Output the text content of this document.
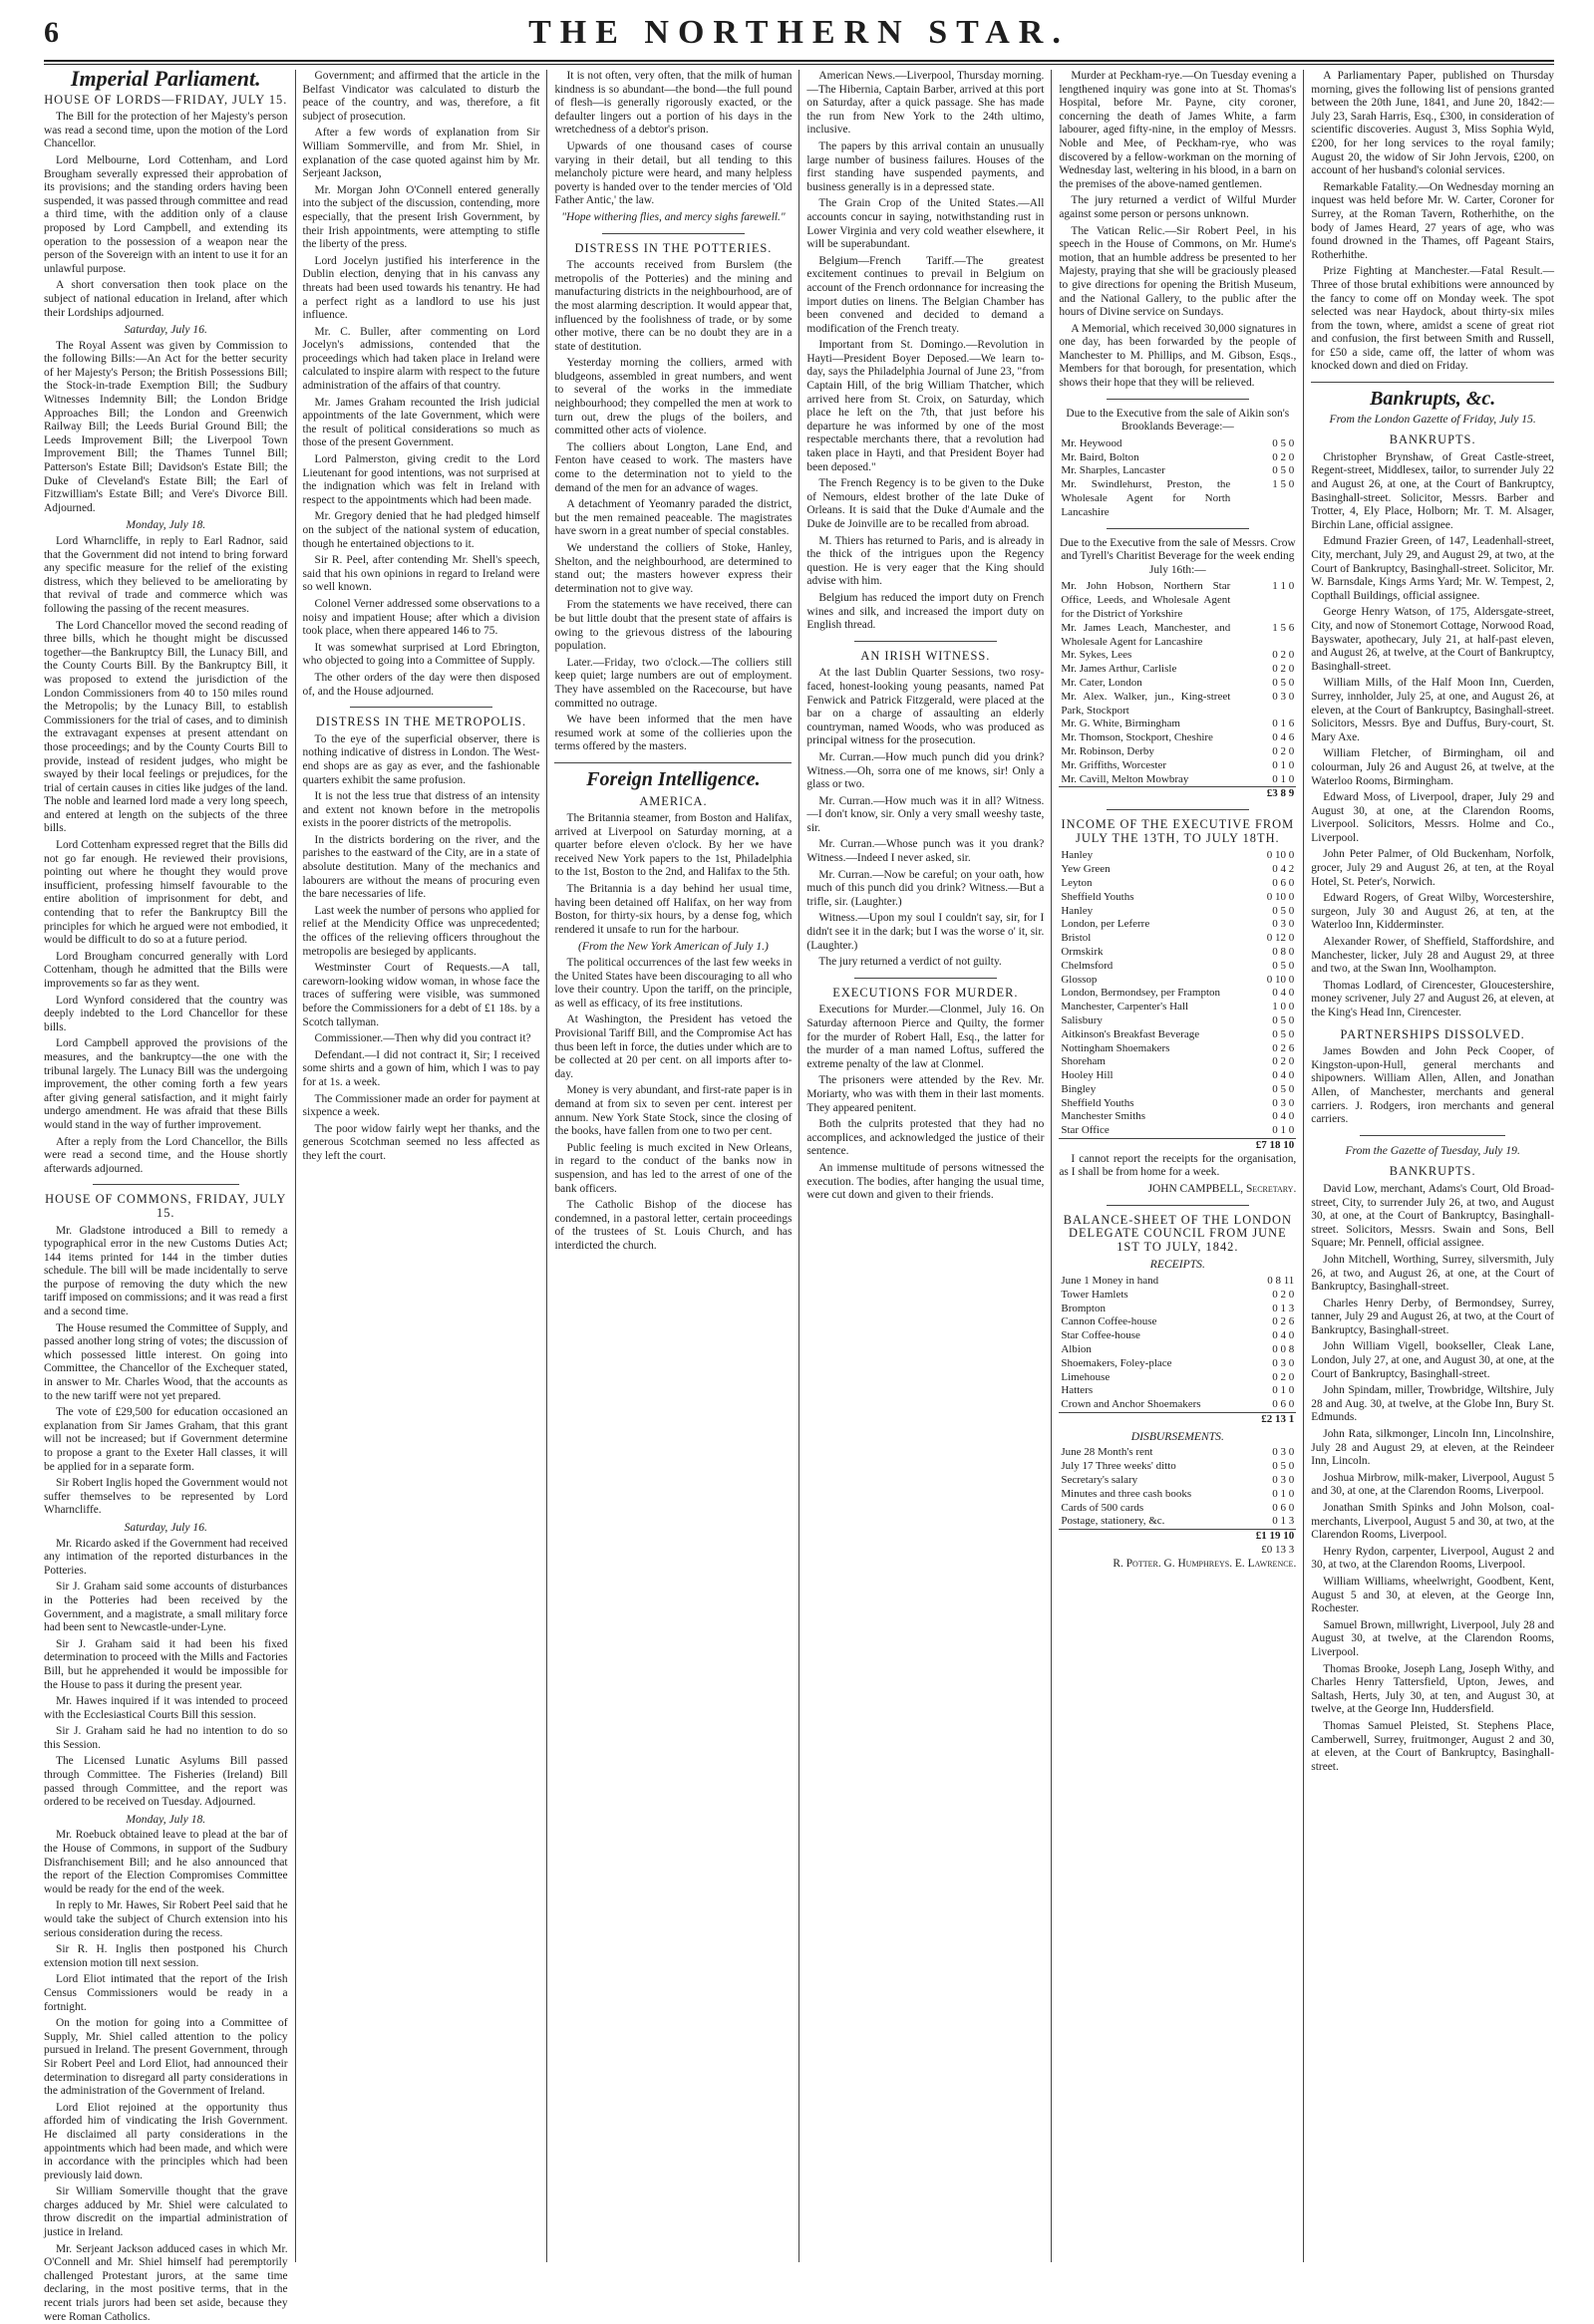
6	THE NORTHERN STAR.
Imperial Parliament.
HOUSE OF LORDS—FRIDAY, JULY 15.

The Bill for the protection of her Majesty's person was read a second time, upon the motion of the Lord Chancellor.

Lord Melbourne, Lord Cottenham, and Lord Brougham severally expressed their approbation of its provisions; and the standing orders having been suspended, it was passed through committee and read a third time, with the addition only of a clause proposed by Lord Campbell, and extending its operation to the possession of a weapon near the person of the Sovereign with an intent to use it for an unlawful purpose.

A short conversation then took place on the subject of national education in Ireland, after which their Lordships adjourned.

Saturday, July 16.

The Royal Assent was given by Commission to the following Bills:—An Act for the better security of her Majesty's Person; the British Possessions Bill; the Stock-in-trade Exemption Bill; the Sudbury Witnesses Indemnity Bill; the London Bridge Approaches Bill; the London and Greenwich Railway Bill; the Leeds Burial Ground Bill; the Leeds Improvement Bill; the Liverpool Town Improvement Bill; the Thames Tunnel Bill; Patterson's Estate Bill; Davidson's Estate Bill; the Duke of Cleveland's Estate Bill; the Earl of Fitzwilliam's Estate Bill; and Vere's Divorce Bill. Adjourned.

Monday, July 18.

Lord Wharncliffe, in reply to Earl Radnor, said that the Government did not intend to bring forward any specific measure for the relief of the existing distress, which they believed to be ameliorating by that revival of trade and commerce which was following the passing of the recent measures.

The Lord Chancellor moved the second reading of three bills, which he thought might be discussed together—the Bankruptcy Bill, the Lunacy Bill, and the County Courts Bill. By the Bankruptcy Bill, it was proposed to extend the jurisdiction of the London Commissioners from 40 to 150 miles round the Metropolis; by the Lunacy Bill, to establish Commissioners for the trial of cases, and to diminish the extravagant expenses at present attendant on those proceedings; and by the County Courts Bill to provide, instead of resident judges, who might be swayed by their local feelings or prejudices, for the trial of certain causes in cities like judges of the land. The noble and learned lord made a very long speech, and entered at length on the subjects of the three bills.

Lord Cottenham expressed regret that the Bills did not go far enough. He reviewed their provisions, pointing out where he thought they would prove insufficient, professing himself favourable to the entire abolition of imprisonment for debt, and contending that to refer the Bankruptcy Bill the principles for which he argued were not embodied, it would be difficult to do so at a future period.

Lord Brougham concurred generally with Lord Cottenham, though he admitted that the Bills were improvements so far as they went.

Lord Wynford considered that the country was deeply indebted to the Lord Chancellor for these bills.

Lord Campbell approved the provisions of the measures, and the bankruptcy—the one with the tribunal largely. The Lunacy Bill was the undergoing improvement, the other coming forth a few years after giving general satisfaction, and it might fairly undergo amendment. He was afraid that these Bills would stand in the way of further improvement.

After a reply from the Lord Chancellor, the Bills were read a second time, and the House shortly afterwards adjourned.

HOUSE OF COMMONS, FRIDAY, JULY 15.

Mr. Gladstone introduced a Bill to remedy a typographical error in the new Customs Duties Act; 144 items printed for 144 in the timber duties schedule. The bill will be made incidentally to serve the purpose of removing the duty which the new tariff imposed on commissions; and it was read a first and a second time.

The House resumed the Committee of Supply, and passed another long string of votes; the discussion of which possessed little interest. On going into Committee, the Chancellor of the Exchequer stated, in answer to Mr. Charles Wood, that the accounts as to the new tariff were not yet prepared.

The vote of £29,500 for education occasioned an explanation from Sir James Graham, that this grant will not be increased; but if Government determine to propose a grant to the Exeter Hall classes, it will be applied for in a separate form.

Sir Robert Inglis hoped the Government would not suffer themselves to be represented by Lord Wharncliffe.

Saturday, July 16.

Mr. Ricardo asked if the Government had received any intimation of the reported disturbances in the Potteries.

Sir J. Graham said some accounts of disturbances in the Potteries had been received by the Government, and a magistrate, a small military force had been sent to Newcastle-under-Lyne.

Sir J. Graham said it had been his fixed determination to proceed with the Mills and Factories Bill, but he apprehended it would be impossible for the House to pass it during the present year.

Mr. Hawes inquired if it was intended to proceed with the Ecclesiastical Courts Bill this session.

Sir J. Graham said he had no intention to do so this Session.

The Licensed Lunatic Asylums Bill passed through Committee. The Fisheries (Ireland) Bill passed through Committee, and the report was ordered to be received on Tuesday. Adjourned.

Monday, July 18.

Mr. Roebuck obtained leave to plead at the bar of the House of Commons, in support of the Sudbury Disfranchisement Bill; and he also announced that the report of the Election Compromises Committee would be ready for the end of the week.

In reply to Mr. Hawes, Sir Robert Peel said that he would take the subject of Church extension into his serious consideration during the recess.

Sir R. H. Inglis then postponed his Church extension motion till next session.

Lord Eliot intimated that the report of the Irish Census Commissioners would be ready in a fortnight.

On the motion for going into a Committee of Supply, Mr. Shiel called attention to the policy pursued in Ireland. The present Government, through Sir Robert Peel and Lord Eliot, had announced their determination to disregard all party considerations in the administration of the Government of Ireland.

Lord Eliot rejoined at the opportunity thus afforded him of vindicating the Irish Government. He disclaimed all party considerations in the appointments which had been made, and which were in accordance with the principles which had been previously laid down.

Sir William Somerville thought that the grave charges adduced by Mr. Shiel were calculated to throw discredit on the impartial administration of justice in Ireland.

Mr. Serjeant Jackson adduced cases in which Mr. O'Connell and Mr. Shiel himself had peremptorily challenged Protestant jurors, at the same time declaring, in the most positive terms, that in the recent trials jurors had been set aside, because they were Roman Catholics.

Government; and affirmed that the article in the Belfast Vindicator was calculated to disturb the peace of the country, and was, therefore, a fit subject of prosecution.

After a few words of explanation from Sir William Sommerville, and from Mr. Shiel, in explanation of the case quoted against him by Mr. Serjeant Jackson,

Mr. Morgan John O'Connell entered generally into the subject of the discussion, contending, more especially, that the present Irish Government, by their Irish appointments, were attempting to stifle the liberty of the press.

Lord Jocelyn justified his interference in the Dublin election, denying that in his canvass any threats had been used towards his tenantry. He had a perfect right as a landlord to use his just influence.

Mr. C. Buller, after commenting on Lord Jocelyn's admissions, contended that the proceedings which had taken place in Ireland were calculated to inspire alarm with respect to the future administration of the affairs of that country.

Mr. James Graham recounted the Irish judicial appointments of the late Government, which were the result of political considerations so much as those of the present Government.

Lord Palmerston, giving credit to the Lord Lieutenant for good intentions, was not surprised at the indignation which was felt in Ireland with respect to the appointments which had been made.

Mr. Gregory denied that he had pledged himself on the subject of the national system of education, though he entertained objections to it.

Sir R. Peel, after contending Mr. Shell's speech, said that his own opinions in regard to Ireland were so well known.

Colonel Verner addressed some observations to a noisy and impatient House; after which a division took place, when there appeared 146 to 75.

It was somewhat surprised at Lord Ebrington, who objected to going into a Committee of Supply.

The other orders of the day were then disposed of, and the House adjourned.

DISTRESS IN THE METROPOLIS.

To the eye of the superficial observer, there is nothing indicative of distress in London. The West-end shops are as gay as ever, and the fashionable quarters exhibit the same profusion.

It is not the less true that distress of an intensity and extent not known before in the metropolis exists in the poorer districts of the metropolis.

In the districts bordering on the river, and the parishes to the eastward of the City, are in a state of absolute destitution. Many of the mechanics and labourers are without the means of procuring even the bare necessaries of life.

Last week the number of persons who applied for relief at the Mendicity Office was unprecedented; the offices of the relieving officers throughout the metropolis are besieged by applicants.

Westminster Court of Requests.—A tall, careworn-looking widow woman, in whose face the traces of suffering were visible, was summoned before the Commissioners for a debt of £1 18s. by a Scotch tallyman.

Commissioner.—Then why did you contract it?

Defendant.—I did not contract it, Sir; I received some shirts and a gown of him, which I was to pay for at 1s. a week.

The Commissioner made an order for payment at sixpence a week.

The poor widow fairly wept her thanks, and the generous Scotchman seemed no less affected as they left the court.

It is not often, very often, that the milk of human kindness is so abundant—the bond—the full pound of flesh—is generally rigorously exacted, or the defaulter lingers out a portion of his days in the wretchedness of a debtor's prison.

Upwards of one thousand cases of course varying in their detail, but all tending to this melancholy picture were heard, and many helpless poverty is handed over to the tender mercies of 'Old Father Antic,' the law.

"Hope withering flies, and mercy sighs farewell."

DISTRESS IN THE POTTERIES.

The accounts received from Burslem (the metropolis of the Potteries) and the mining and manufacturing districts in the neighbourhood, are of the most alarming description. It would appear that, influenced by the foolishness of trade, or by some other motive, there can be no doubt they are in a state of destitution.

Yesterday morning the colliers, armed with bludgeons, assembled in great numbers, and went to several of the works in the immediate neighbourhood; they compelled the men at work to turn out, drew the plugs of the boilers, and committed other acts of violence.

The colliers about Longton, Lane End, and Fenton have ceased to work. The masters have come to the determination not to yield to the demand of the men for an advance of wages.

A detachment of Yeomanry paraded the district, but the men remained peaceable. The magistrates have sworn in a great number of special constables.

We understand the colliers of Stoke, Hanley, Shelton, and the neighbourhood, are determined to stand out; the masters however express their determination not to give way.

From the statements we have received, there can be but little doubt that the present state of affairs is owing to the grievous distress of the labouring population.

Later.—Friday, two o'clock.—The colliers still keep quiet; large numbers are out of employment. They have assembled on the Racecourse, but have committed no outrage.

We have been informed that the men have resumed work at some of the collieries upon the terms offered by the masters.

Foreign Intelligence.
AMERICA.

The Britannia steamer, from Boston and Halifax, arrived at Liverpool on Saturday morning, at a quarter before eleven o'clock. By her we have received New York papers to the 1st, Philadelphia to the 1st, Boston to the 2nd, and Halifax to the 5th.

The Britannia is a day behind her usual time, having been detained off Halifax, on her way from Boston, for thirty-six hours, by a dense fog, which rendered it unsafe to run for the harbour.

(From the New York American of July 1.)

The political occurrences of the last few weeks in the United States have been discouraging to all who love their country. Upon the tariff, on the principle, as well as efficacy, of its free institutions.

At Washington, the President has vetoed the Provisional Tariff Bill, and the Compromise Act has thus been left in force, the duties under which are to be collected at 20 per cent. on all imports after to-day.

Money is very abundant, and first-rate paper is in demand at from six to seven per cent. interest per annum. New York State Stock, since the closing of the books, have fallen from one to two per cent.

Public feeling is much excited in New Orleans, in regard to the conduct of the banks now in suspension, and has led to the arrest of one of the bank officers.

The Catholic Bishop of the diocese has condemned, in a pastoral letter, certain proceedings of the trustees of St. Louis Church, and has interdicted the church.

American News.—Liverpool, Thursday morning.—The Hibernia, Captain Barber, arrived at this port on Saturday, after a quick passage. She has made the run from New York to the 24th ultimo, inclusive.

The papers by this arrival contain an unusually large number of business failures. Houses of the first standing have suspended payments, and business generally is in a depressed state.

The Grain Crop of the United States.—All accounts concur in saying, notwithstanding rust in Lower Virginia and very cold weather elsewhere, it will be superabundant.

Belgium—French Tariff.—The greatest excitement continues to prevail in Belgium on account of the French ordonnance for increasing the import duties on linens. The Belgian Chamber has been convened and decided to demand a modification of the French treaty.

Important from St. Domingo.—Revolution in Hayti—President Boyer Deposed.—We learn to-day, says the Philadelphia Journal of June 23, "from Captain Hill, of the brig William Thatcher, which arrived here from St. Croix, on Saturday, which place he left on the 7th, that just before his departure he was informed by one of the most respectable merchants there, that a revolution had taken place in Hayti, and that President Boyer had been deposed."

The French Regency is to be given to the Duke of Nemours, eldest brother of the late Duke of Orleans. It is said that the Duke d'Aumale and the Duke de Joinville are to be recalled from abroad.

M. Thiers has returned to Paris, and is already in the thick of the intrigues upon the Regency question. He is very eager that the King should advise with him.

Belgium has reduced the import duty on French wines and silk, and increased the import duty on English thread.

AN IRISH WITNESS.

At the last Dublin Quarter Sessions, two rosy-faced, honest-looking young peasants, named Pat Fenwick and Patrick Fitzgerald, were placed at the bar on a charge of assaulting an elderly countryman, named Woods, who was produced as principal witness for the prosecution.

Mr. Curran.—How much punch did you drink? Witness.—Oh, sorra one of me knows, sir! Only a glass or two.

Mr. Curran.—How much was it in all? Witness.—I don't know, sir. Only a very small weeshy taste, sir.

Mr. Curran.—Whose punch was it you drank? Witness.—Indeed I never asked, sir.

Mr. Curran.—Now be careful; on your oath, how much of this punch did you drink? Witness.—But a trifle, sir. (Laughter.)

Witness.—Upon my soul I couldn't say, sir, for I didn't see it in the dark; but I was the worse o' it, sir. (Laughter.)

The jury returned a verdict of not guilty.

EXECUTIONS FOR MURDER.

Executions for Murder.—Clonmel, July 16. On Saturday afternoon Pierce and Quilty, the former for the murder of Robert Hall, Esq., the latter for the murder of a man named Loftus, suffered the extreme penalty of the law at Clonmel.

The prisoners were attended by the Rev. Mr. Moriarty, who was with them in their last moments. They appeared penitent.

Both the culprits protested that they had no accomplices, and acknowledged the justice of their sentence.

An immense multitude of persons witnessed the execution. The bodies, after hanging the usual time, were cut down and given to their friends.

Murder at Peckham-rye.—On Tuesday evening a lengthened inquiry was gone into at St. Thomas's Hospital, before Mr. Payne, city coroner, concerning the death of James White, a farm labourer, aged fifty-nine, in the employ of Messrs. Noble and Mee, of Peckham-rye, who was discovered by a fellow-workman on the morning of Wednesday last, weltering in his blood, in a barn on the premises of the above-named gentlemen.

The jury returned a verdict of Wilful Murder against some person or persons unknown.

The Vatican Relic.—Sir Robert Peel, in his speech in the House of Commons, on Mr. Hume's motion, that an humble address be presented to her Majesty, praying that she will be graciously pleased to give directions for opening the British Museum, and the National Gallery, to the public after the hours of Divine service on Sundays.

A Memorial, which received 30,000 signatures in one day, has been forwarded by the people of Manchester to M. Phillips, and M. Gibson, Esqs., Members for that borough, for presentation, which shows their hope that they will be relieved.

Due to the Executive from the sale of Aikin son's Brooklands Beverage:—

Mr. Heywood	0 5 0
Mr. Baird, Bolton	0 2 0
Mr. Sharples, Lancaster	0 5 0
Mr. Swindlehurst, Preston, the Wholesale Agent for North Lancashire	1 5 0

Due to the Executive from the sale of Messrs. Crow and Tyrell's Charitist Beverage for the week ending July 16th:—

Mr. John Hobson, Northern Star Office, Leeds, and Wholesale Agent for the District of Yorkshire	1 1 0
Mr. James Leach, Manchester, and Wholesale Agent for Lancashire	1 5 6
Mr. Sykes, Lees	0 2 0
Mr. James Arthur, Carlisle	0 2 0
Mr. Cater, London	0 5 0
Mr. Alex. Walker, jun., King-street Park, Stockport	0 3 0
Mr. G. White, Birmingham	0 1 6
Mr. Thomson, Stockport, Cheshire	0 4 6
Mr. Robinson, Derby	0 2 0
Mr. Griffiths, Worcester	0 1 0
Mr. Cavill, Melton Mowbray	0 1 0
	£3 8 9
INCOME OF THE EXECUTIVE FROM JULY THE 13TH, TO JULY 18TH.
Hanley	0 10 0
Yew Green	0 4 2
Leyton	0 6 0
Sheffield Youths	0 10 0
Hanley	0 5 0
London, per Leferre	0 3 0
Bristol	0 12 0
Ormskirk	0 8 0
Chelmsford	0 5 0
Glossop	0 10 0
London, Bermondsey, per Frampton	0 4 0
Manchester, Carpenter's Hall	1 0 0
Salisbury	0 5 0
Aitkinson's Breakfast Beverage	0 5 0
Nottingham Shoemakers	0 2 6
Shoreham	0 2 0
Hooley Hill	0 4 0
Bingley	0 5 0
Sheffield Youths	0 3 0
Manchester Smiths	0 4 0
Star Office	0 1 0
	£7 18 10

I cannot report the receipts for the organisation, as I shall be from home for a week.

JOHN CAMPBELL, Secretary.

BALANCE-SHEET OF THE LONDON DELEGATE COUNCIL FROM JUNE 1ST TO JULY, 1842.
RECEIPTS.
June 1 Money in hand	0 8 11
Tower Hamlets	0 2 0
Brompton	0 1 3
Cannon Coffee-house	0 2 6
Star Coffee-house	0 4 0
Albion	0 0 8
Shoemakers, Foley-place	0 3 0
Limehouse	0 2 0
Hatters	0 1 0
Crown and Anchor Shoemakers	0 6 0
	£2 13 1
DISBURSEMENTS.
June 28 Month's rent	0 3 0
July 17 Three weeks' ditto	0 5 0
Secretary's salary	0 3 0
Minutes and three cash books	0 1 0
Cards of 500 cards	0 6 0
Postage, stationery, &c.	0 1 3
	£1 19 10
	£0 13 3

R. Potter. G. Humphreys. E. Lawrence.

A Parliamentary Paper, published on Thursday morning, gives the following list of pensions granted between the 20th June, 1841, and June 20, 1842:—July 23, Sarah Harris, Esq., £300, in consideration of scientific discoveries. August 3, Miss Sophia Wyld, £200, for her long services to the royal family; August 20, the widow of Sir John Jervois, £200, on account of her husband's colonial services.

Remarkable Fatality.—On Wednesday morning an inquest was held before Mr. W. Carter, Coroner for Surrey, at the Roman Tavern, Rotherhithe, on the body of James Heard, 27 years of age, who was found drowned in the Thames, off Pageant Stairs, Rotherhithe.

Prize Fighting at Manchester.—Fatal Result.—Three of those brutal exhibitions were announced by the fancy to come off on Monday week. The spot selected was near Haydock, about thirty-six miles from the town, where, amidst a scene of great riot and confusion, the first between Smith and Russell, for £50 a side, came off, the latter of whom was knocked down and died on Friday.

Bankrupts, &c.
From the London Gazette of Friday, July 15.
BANKRUPTS.

Christopher Brynshaw, of Great Castle-street, Regent-street, Middlesex, tailor, to surrender July 22 and August 26, at one, at the Court of Bankruptcy, Basinghall-street. Solicitor, Messrs. Barber and Trotter, 4, Ely Place, Holborn; Mr. T. M. Alsager, Birchin Lane, official assignee.

Edmund Frazier Green, of 147, Leadenhall-street, City, merchant, July 29, and August 29, at two, at the Court of Bankruptcy, Basinghall-street. Solicitor, Mr. W. Barnsdale, Kings Arms Yard; Mr. W. Tempest, 2, Copthall Buildings, official assignee.

George Henry Watson, of 175, Aldersgate-street, City, and now of Stonemort Cottage, Norwood Road, Bayswater, apothecary, July 21, at half-past eleven, and August 26, at twelve, at the Court of Bankruptcy, Basinghall-street.

William Mills, of the Half Moon Inn, Cuerden, Surrey, innholder, July 25, at one, and August 26, at eleven, at the Court of Bankruptcy, Basinghall-street. Solicitors, Messrs. Bye and Duffus, Bury-court, St. Mary Axe.

William Fletcher, of Birmingham, oil and colourman, July 26 and August 26, at twelve, at the Waterloo Rooms, Birmingham.

Edward Moss, of Liverpool, draper, July 29 and August 30, at one, at the Clarendon Rooms, Liverpool. Solicitors, Messrs. Holme and Co., Liverpool.

John Peter Palmer, of Old Buckenham, Norfolk, grocer, July 29 and August 26, at ten, at the Royal Hotel, St. Peter's, Norwich.

Edward Rogers, of Great Wilby, Worcestershire, surgeon, July 30 and August 26, at ten, at the Waterloo Inn, Kidderminster.

Alexander Rower, of Sheffield, Staffordshire, and Manchester, licker, July 28 and August 29, at three and two, at the Swan Inn, Woolhampton.

Thomas Lodlard, of Cirencester, Gloucestershire, money scrivener, July 27 and August 26, at eleven, at the King's Head Inn, Cirencester.

PARTNERSHIPS DISSOLVED.

James Bowden and John Peck Cooper, of Kingston-upon-Hull, general merchants and shipowners. William Allen, Allen, and Jonathan Allen, of Manchester, merchants and general carriers. J. Rodgers, iron merchants and general carriers.

From the Gazette of Tuesday, July 19.
BANKRUPTS.

David Low, merchant, Adams's Court, Old Broad-street, City, to surrender July 26, at two, and August 30, at one, at the Court of Bankruptcy, Basinghall-street. Solicitors, Messrs. Swain and Sons, Bell Square; Mr. Pennell, official assignee.

John Mitchell, Worthing, Surrey, silversmith, July 26, at two, and August 26, at one, at the Court of Bankruptcy, Basinghall-street.

Charles Henry Derby, of Bermondsey, Surrey, tanner, July 29 and August 26, at two, at the Court of Bankruptcy, Basinghall-street.

John William Vigell, bookseller, Cleak Lane, London, July 27, at one, and August 30, at one, at the Court of Bankruptcy, Basinghall-street.

John Spindam, miller, Trowbridge, Wiltshire, July 28 and Aug. 30, at twelve, at the Globe Inn, Bury St. Edmunds.

John Rata, silkmonger, Lincoln Inn, Lincolnshire, July 28 and August 29, at eleven, at the Reindeer Inn, Lincoln.

Joshua Mirbrow, milk-maker, Liverpool, August 5 and 30, at one, at the Clarendon Rooms, Liverpool.

Jonathan Smith Spinks and John Molson, coal-merchants, Liverpool, August 5 and 30, at two, at the Clarendon Rooms, Liverpool.

Henry Rydon, carpenter, Liverpool, August 2 and 30, at two, at the Clarendon Rooms, Liverpool.

William Williams, wheelwright, Goodbent, Kent, August 5 and 30, at eleven, at the George Inn, Rochester.

Samuel Brown, millwright, Liverpool, July 28 and August 30, at twelve, at the Clarendon Rooms, Liverpool.

Thomas Brooke, Joseph Lang, Joseph Withy, and Charles Henry Tattersfield, Upton, Jewes, and Saltash, Herts, July 30, at ten, and August 30, at twelve, at the George Inn, Huddersfield.

Thomas Samuel Pleisted, St. Stephens Place, Camberwell, Surrey, fruitmonger, August 2 and 30, at eleven, at the Court of Bankruptcy, Basinghall-street.
